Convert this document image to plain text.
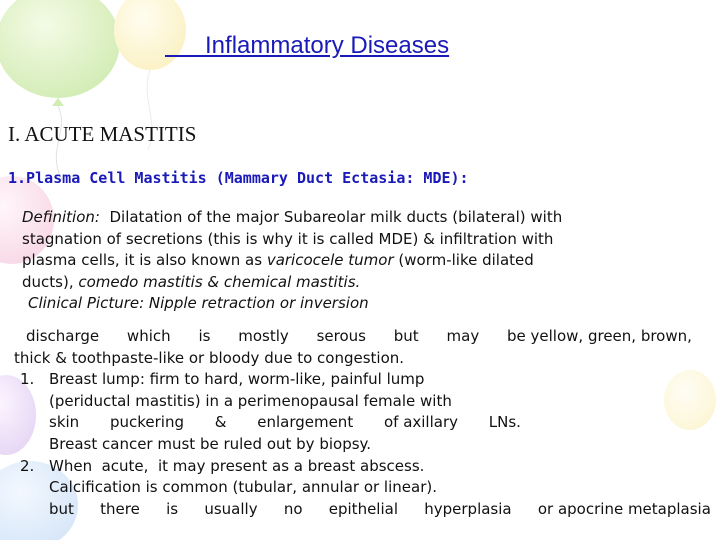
Inflammatory Diseases
I. ACUTE MASTITIS
1.Plasma Cell Mastitis (Mammary Duct Ectasia: MDE):
Definition: Dilatation of the major Subareolar milk ducts (bilateral) with
stagnation of secretions (this is why it is called MDE) & infiltration with
plasma cells, it is also known as varicocele tumor (worm-like dilated
ducts), comedo mastitis & chemical mastitis.
Clinical Picture: Nipple retraction or inversion
discharge which is mostly serous but may be yellow, green, brown,
thick & toothpaste-like or bloody due to congestion.
1. Breast lump: firm to hard, worm-like, painful lump
(periductal mastitis) in a perimenopausal female with
skin puckering & enlargement of axillary LNs.
Breast cancer must be ruled out by biopsy.
2. When  acute,  it may present as a breast abscess.
Calcification is common (tubular, annular or linear).
but there is usually no epithelial hyperplasia or apocrine metaplasia
